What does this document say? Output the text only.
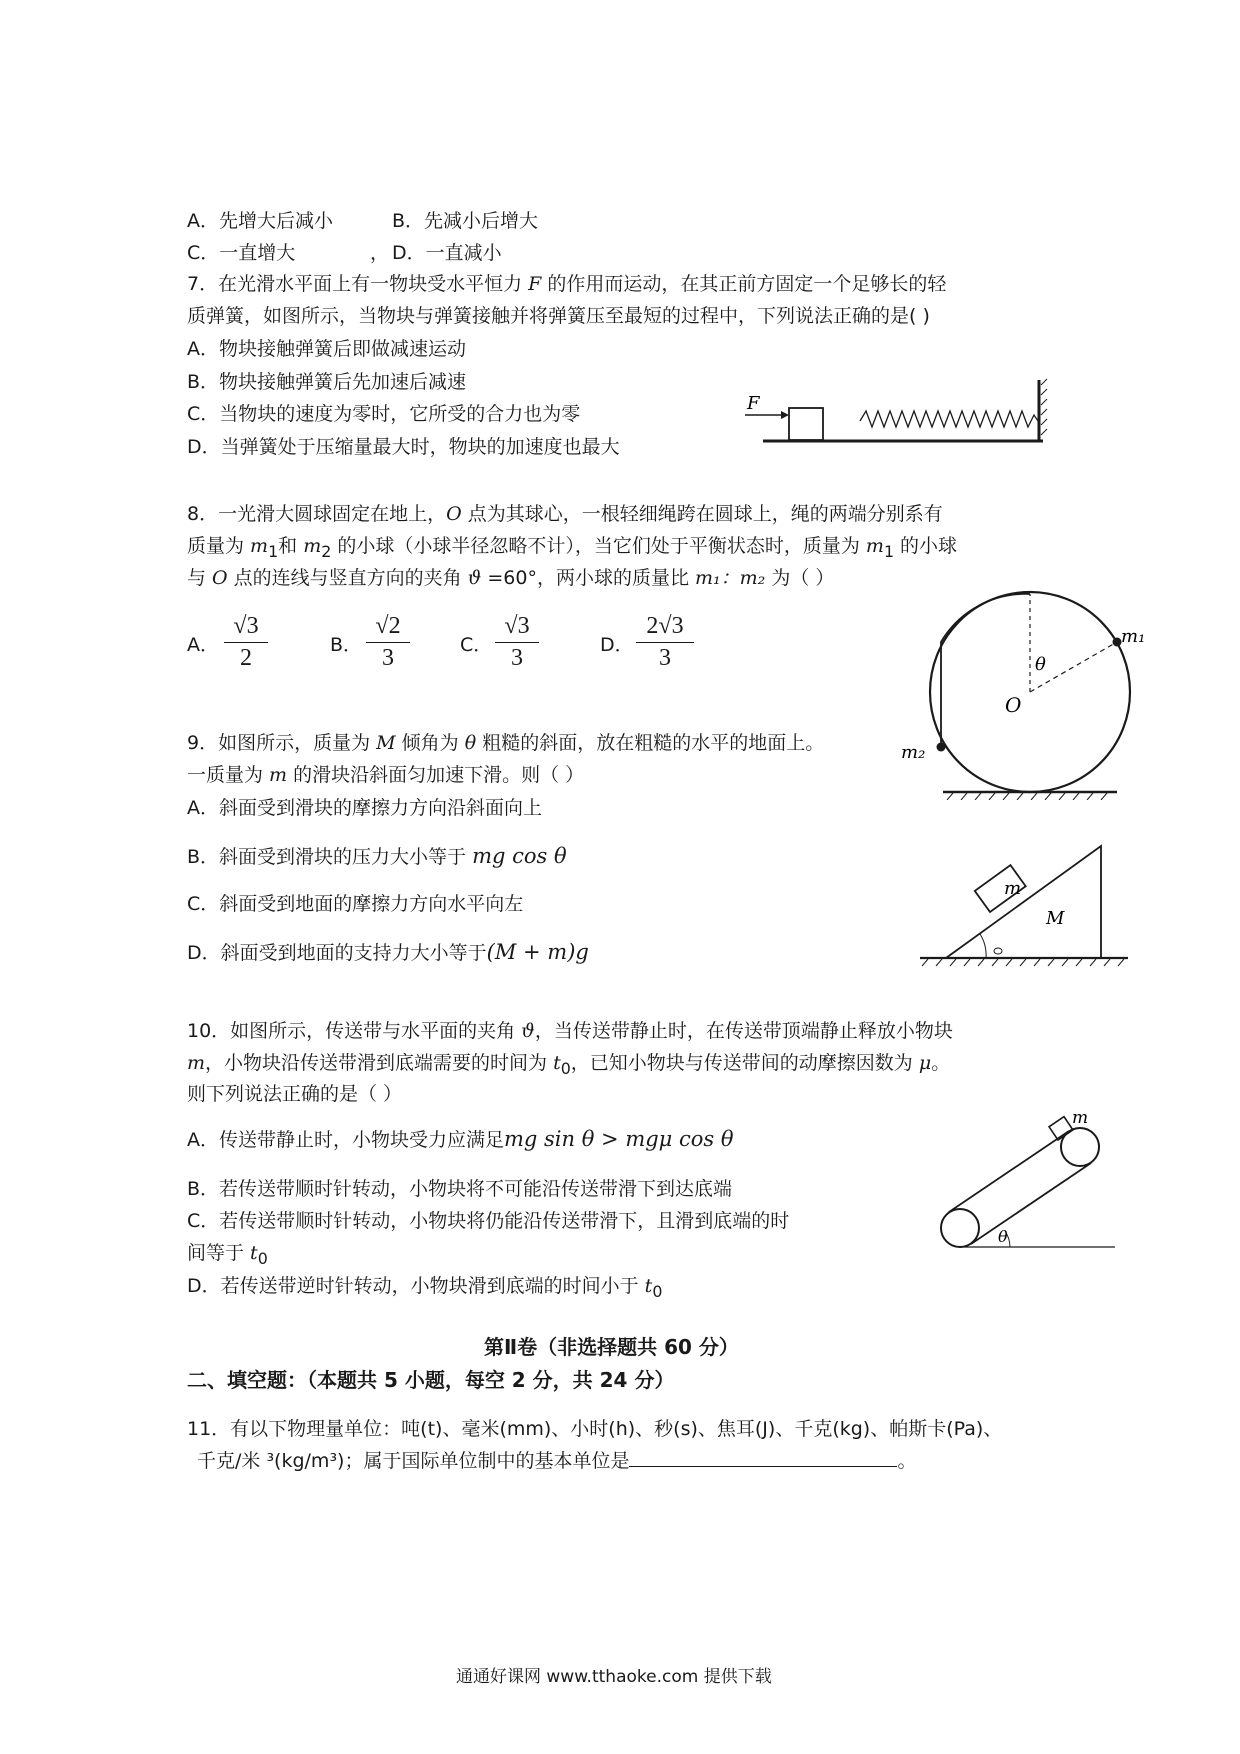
A．先增大后减小	B．先减小后增大
C．一直增大	， D．一直减小
7．在光滑水平面上有一物块受水平恒力 F 的作用而运动，在其正前方固定一个足够长的轻
质弹簧，如图所示，当物块与弹簧接触并将弹簧压至最短的过程中，下列说法正确的是( )
A．物块接触弹簧后即做减速运动
B．物块接触弹簧后先加速后减速
C．当物块的速度为零时，它所受的合力也为零
D．当弹簧处于压缩量最大时，物块的加速度也最大
F
8．一光滑大圆球固定在地上，O 点为其球心，一根轻细绳跨在圆球上，绳的两端分别系有
质量为 $m_1$和 $m_2$ 的小球（小球半径忽略不计），当它们处于平衡状态时，质量为 $m_1$ 的小球
与 O 点的连线与竖直方向的夹角 ϑ =60°，两小球的质量比 m₁：m₂ 为（ ）
A． $\frac{√3}{2}$	B． $\frac{√2}{3}$	C． $\frac{√3}{3}$	D． $\frac{2√3}{3}$	θ
O
m₁
m₂
9．如图所示，质量为 M 倾角为 θ 粗糙的斜面，放在粗糙的水平的地面上。
一质量为 m 的滑块沿斜面匀加速下滑。则（ ）
A．斜面受到滑块的摩擦力方向沿斜面向上
B．斜面受到滑块的压力大小等于 mg cos θ
C．斜面受到地面的摩擦力方向水平向左
D．斜面受到地面的支持力大小等于(M + m)g
m
M
10．如图所示，传送带与水平面的夹角 ϑ，当传送带静止时，在传送带顶端静止释放小物块
m，小物块沿传送带滑到底端需要的时间为 $t_0$，已知小物块与传送带间的动摩擦因数为 μ。
则下列说法正确的是（ ）
A．传送带静止时，小物块受力应满足mg sin θ > mgμ cos θ
B．若传送带顺时针转动，小物块将不可能沿传送带滑下到达底端
C．若传送带顺时针转动，小物块将仍能沿传送带滑下，且滑到底端的时
间等于 $t_0$
D．若传送带逆时针转动，小物块滑到底端的时间小于 $t_0$
m
θ
第Ⅱ卷（非选择题共 60 分）
二、填空题：（本题共 5 小题，每空 2 分，共 24 分）
11．有以下物理量单位：吨(t)、毫米(mm)、小时(h)、秒(s)、焦耳(J)、千克(kg)、帕斯卡(Pa)、
千克/米 ³(kg/m³)；属于国际单位制中的基本单位是	。
通通好课网 www.tthaoke.com 提供下载
